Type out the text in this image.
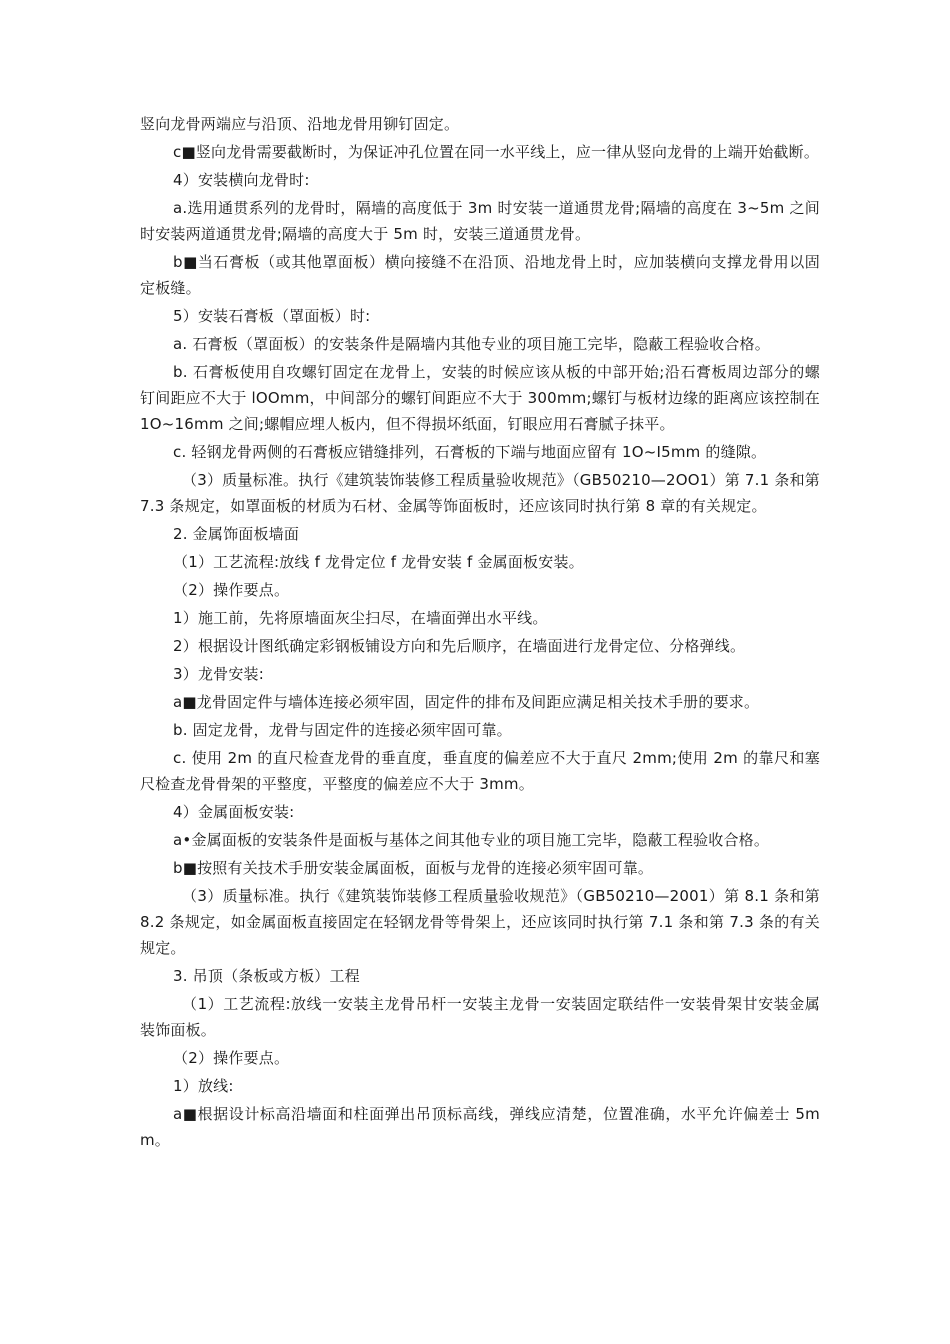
竖向龙骨两端应与沿顶、沿地龙骨用铆钉固定。

c■竖向龙骨需要截断时，为保证冲孔位置在同一水平线上，应一律从竖向龙骨的上端开始截断。

4）安装横向龙骨时:

a.选用通贯系列的龙骨时，隔墙的高度低于 3m 时安装一道通贯龙骨;隔墙的高度在 3~5m 之间时安装两道通贯龙骨;隔墙的高度大于 5m 时，安装三道通贯龙骨。

b■当石膏板（或其他罩面板）横向接缝不在沿顶、沿地龙骨上时，应加装横向支撑龙骨用以固定板缝。

5）安装石膏板（罩面板）时:

a. 石膏板（罩面板）的安装条件是隔墙内其他专业的项目施工完毕，隐蔽工程验收合格。

b. 石膏板使用自攻螺钉固定在龙骨上，安装的时候应该从板的中部开始;沿石膏板周边部分的螺钉间距应不大于 lOOmm，中间部分的螺钉间距应不大于 300mm;螺钉与板材边缘的距离应该控制在 1O~16mm 之间;螺帽应埋人板内，但不得损坏纸面，钉眼应用石膏腻子抹平。

c. 轻钢龙骨两侧的石膏板应错缝排列，石膏板的下端与地面应留有 1O~I5mm 的缝隙。

（3）质量标准。执行《建筑装饰装修工程质量验收规范》（GB50210—2OO1）第 7.1 条和第 7.3 条规定，如罩面板的材质为石材、金属等饰面板时，还应该同时执行第 8 章的有关规定。

2. 金属饰面板墙面

（1）工艺流程:放线 f 龙骨定位 f 龙骨安装 f 金属面板安装。

（2）操作要点。

1）施工前，先将原墙面灰尘扫尽，在墙面弹出水平线。

2）根据设计图纸确定彩钢板铺设方向和先后顺序，在墙面进行龙骨定位、分格弹线。

3）龙骨安装:

a■龙骨固定件与墙体连接必须牢固，固定件的排布及间距应满足相关技术手册的要求。

b. 固定龙骨，龙骨与固定件的连接必须牢固可靠。

c. 使用 2m 的直尺检查龙骨的垂直度，垂直度的偏差应不大于直尺 2mm;使用 2m 的靠尺和塞尺检查龙骨骨架的平整度，平整度的偏差应不大于 3mm。

4）金属面板安装:

a•金属面板的安装条件是面板与基体之间其他专业的项目施工完毕，隐蔽工程验收合格。

b■按照有关技术手册安装金属面板，面板与龙骨的连接必须牢固可靠。

（3）质量标准。执行《建筑装饰装修工程质量验收规范》（GB50210—2001）第 8.1 条和第 8.2 条规定，如金属面板直接固定在轻钢龙骨等骨架上，还应该同时执行第 7.1 条和第 7.3 条的有关规定。

3. 吊顶（条板或方板）工程

（1）工艺流程:放线一安装主龙骨吊杆一安装主龙骨一安装固定联结件一安装骨架甘安装金属装饰面板。

（2）操作要点。

1）放线:

a■根据设计标高沿墙面和柱面弹出吊顶标高线，弹线应清楚，位置准确，水平允许偏差士 5mm。
